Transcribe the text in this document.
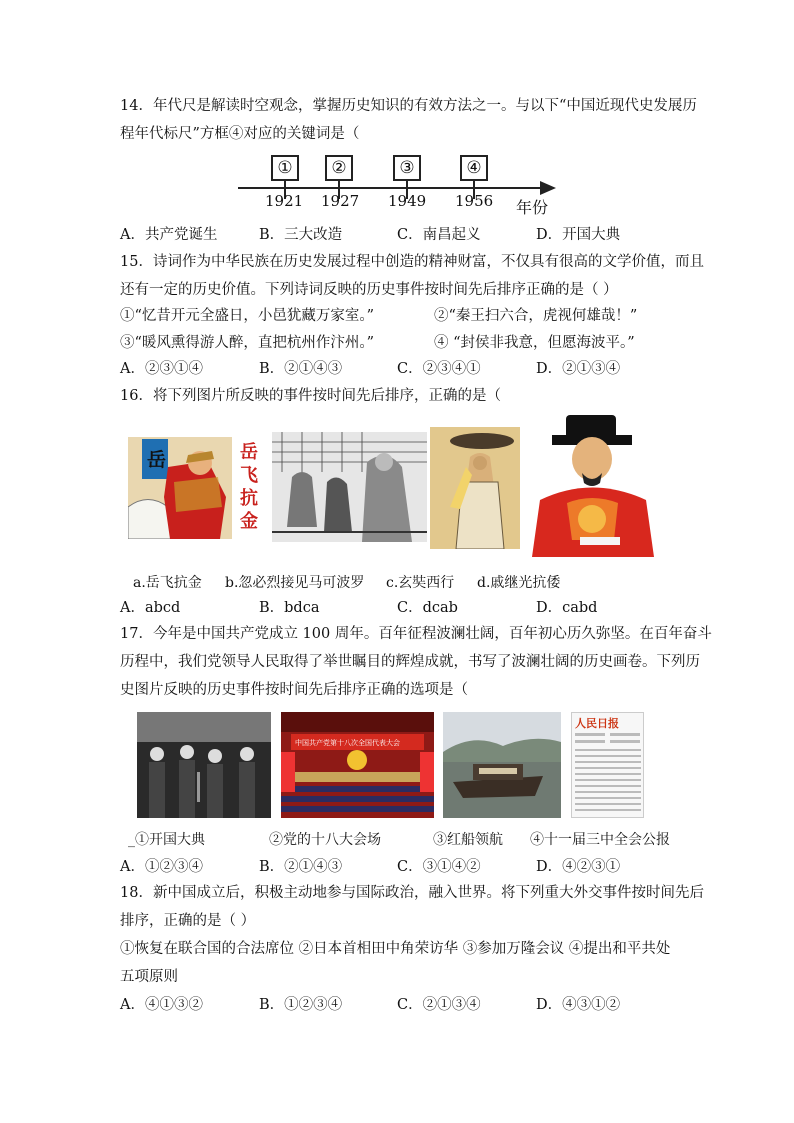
14．年代尺是解读时空观念，掌握历史知识的有效方法之一。与以下“中国近现代史发展历
程年代标尺”方框④对应的关键词是（
①
1921
②
1927
③
1949
④
1956 年份
A．共产党诞生	B．三大改造	C．南昌起义	D．开国大典
15．诗词作为中华民族在历史发展过程中创造的精神财富，不仅具有很高的文学价值，而且
还有一定的历史价值。下列诗词反映的历史事件按时间先后排序正确的是（ ）
①“忆昔开元全盛日，小邑犹藏万家室。”	②“秦王扫六合，虎视何雄哉！”
③“暖风熏得游人醉，直把杭州作汴州。”	④ “封侯非我意，但愿海波平。”
A．②③①④	B．②①④③	C．②③④①	D．②①③④
16．将下列图片所反映的事件按时间先后排序，正确的是（
岳	岳飞抗金
a.岳飞抗金 b.忽必烈接见马可波罗 c.玄奘西行 d.戚继光抗倭
A．abcd	B．bdca	C．dcab	D．cabd
17．今年是中国共产党成立 100 周年。百年征程波澜壮阔，百年初心历久弥坚。在百年奋斗
历程中，我们党领导人民取得了举世瞩目的辉煌成就，书写了波澜壮阔的历史画卷。下列历
史图片反映的历史事件按时间先后排序正确的选项是（
中国共产党第十八次全国代表大会
人民日报
_①开国大典	②党的十八大会场	③红船领航 ④十一届三中全会公报
A．①②③④	B．②①④③	C．③①④②	D．④②③①
18．新中国成立后，积极主动地参与国际政治，融入世界。将下列重大外交事件按时间先后
排序，正确的是（ ）
①恢复在联合国的合法席位 ②日本首相田中角荣访华 ③参加万隆会议 ④提出和平共处
五项原则
A．④①③②	B．①②③④	C．②①③④	D．④③①②
